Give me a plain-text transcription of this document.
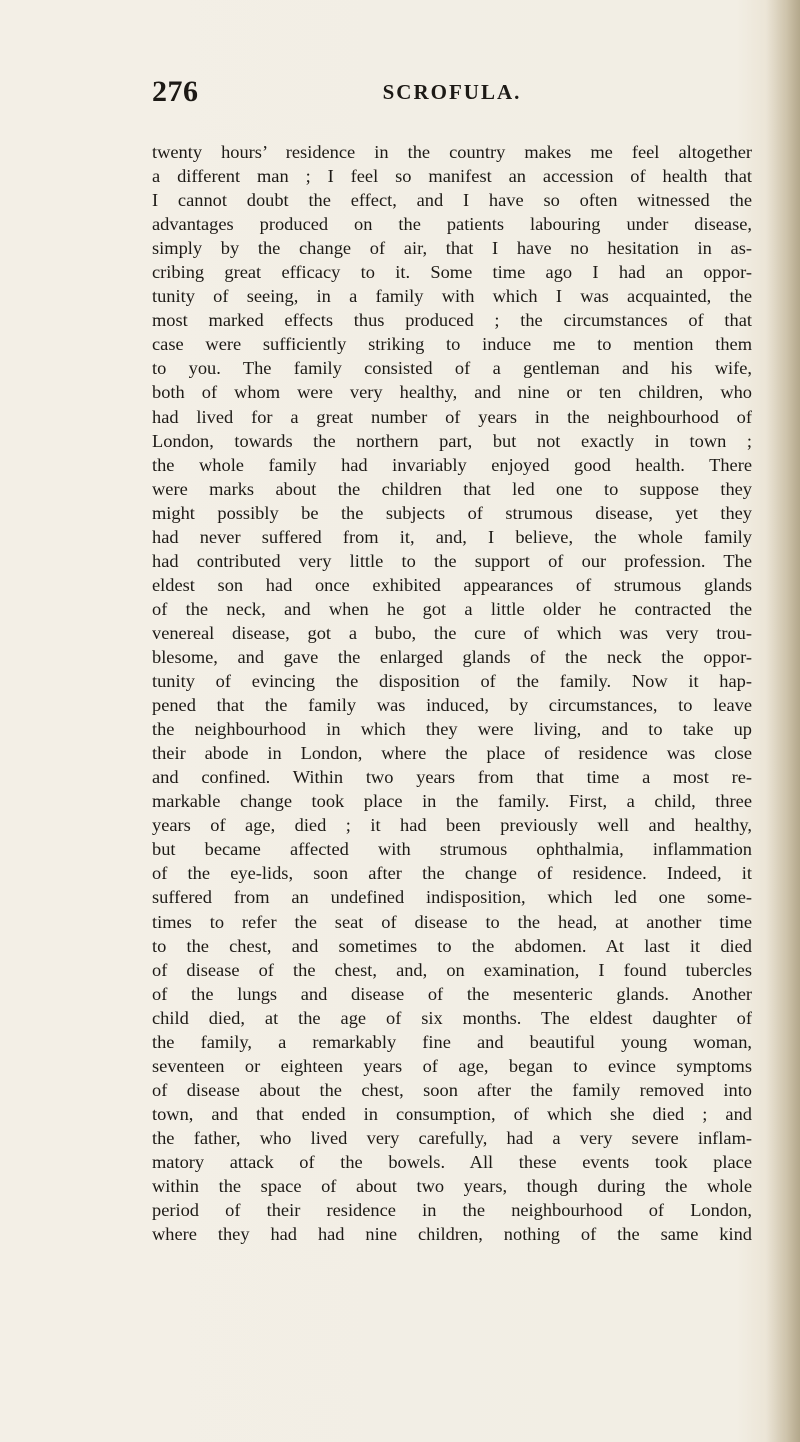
276	SCROFULA.
twenty hours’ residence in the country makes me feel altogether
a different man ; I feel so manifest an accession of health that
I cannot doubt the effect, and I have so often witnessed the
advantages produced on the patients labouring under disease,
simply by the change of air, that I have no hesitation in as-
cribing great efficacy to it. Some time ago I had an oppor-
tunity of seeing, in a family with which I was acquainted, the
most marked effects thus produced ; the circumstances of that
case were sufficiently striking to induce me to mention them
to you. The family consisted of a gentleman and his wife,
both of whom were very healthy, and nine or ten children, who
had lived for a great number of years in the neighbourhood of
London, towards the northern part, but not exactly in town ;
the whole family had invariably enjoyed good health. There
were marks about the children that led one to suppose they
might possibly be the subjects of strumous disease, yet they
had never suffered from it, and, I believe, the whole family
had contributed very little to the support of our profession. The
eldest son had once exhibited appearances of strumous glands
of the neck, and when he got a little older he contracted the
venereal disease, got a bubo, the cure of which was very trou-
blesome, and gave the enlarged glands of the neck the oppor-
tunity of evincing the disposition of the family. Now it hap-
pened that the family was induced, by circumstances, to leave
the neighbourhood in which they were living, and to take up
their abode in London, where the place of residence was close
and confined. Within two years from that time a most re-
markable change took place in the family. First, a child, three
years of age, died ; it had been previously well and healthy,
but became affected with strumous ophthalmia, inflammation
of the eye-lids, soon after the change of residence. Indeed, it
suffered from an undefined indisposition, which led one some-
times to refer the seat of disease to the head, at another time
to the chest, and sometimes to the abdomen. At last it died
of disease of the chest, and, on examination, I found tubercles
of the lungs and disease of the mesenteric glands. Another
child died, at the age of six months. The eldest daughter of
the family, a remarkably fine and beautiful young woman,
seventeen or eighteen years of age, began to evince symptoms
of disease about the chest, soon after the family removed into
town, and that ended in consumption, of which she died ; and
the father, who lived very carefully, had a very severe inflam-
matory attack of the bowels. All these events took place
within the space of about two years, though during the whole
period of their residence in the neighbourhood of London,
where they had had nine children, nothing of the same kind
